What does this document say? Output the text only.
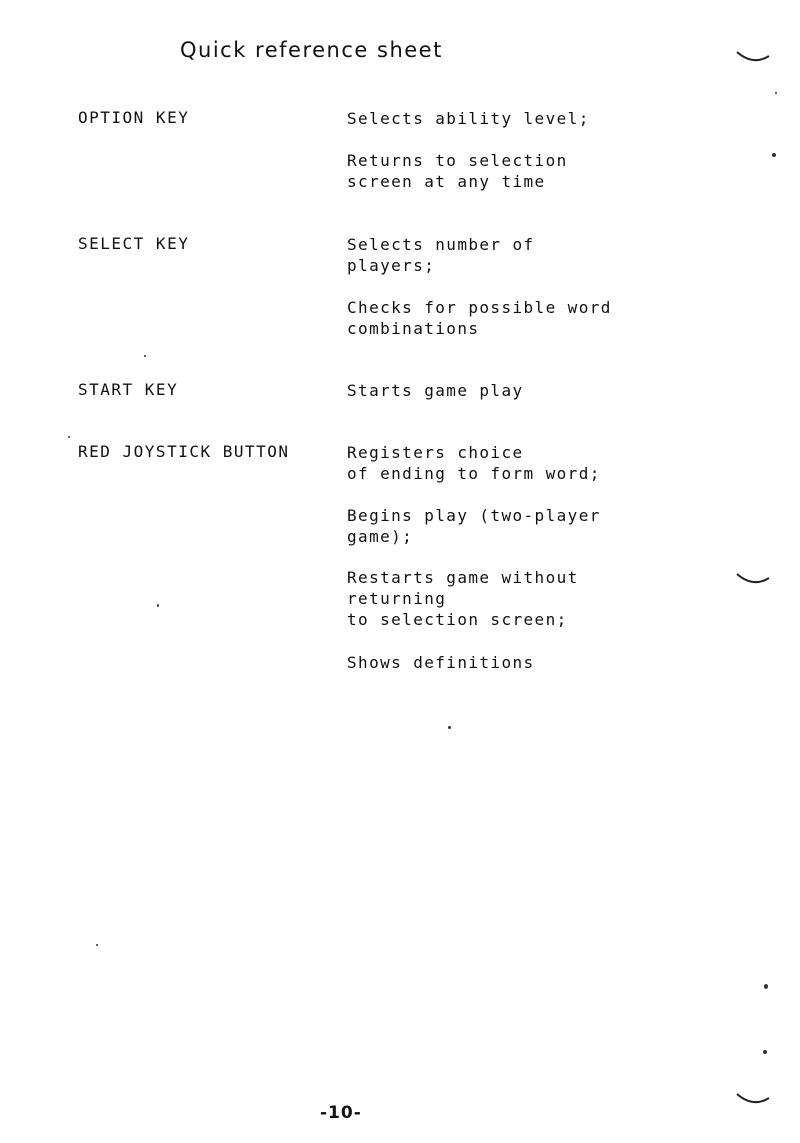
Quick reference sheet
OPTION KEY	Selects ability level;
Returns to selection
screen at any time
SELECT KEY	Selects number of
players;
Checks for possible word
combinations
START KEY	Starts game play
RED JOYSTICK BUTTON	Registers choice
of ending to form word;
Begins play (two-player
game);
Restarts game without
returning
to selection screen;
Shows definitions
-10-
